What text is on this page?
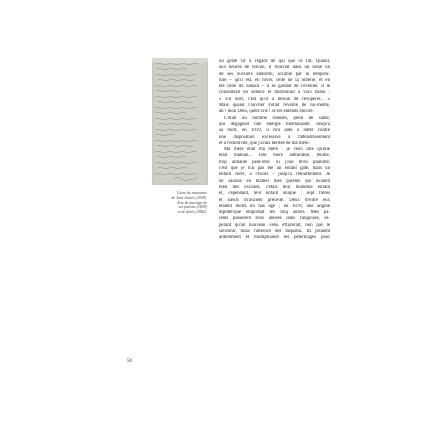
L'acte de naissance
de Jean Jaurès (1859).
Acte de mariage de
ses parents (1849)
et de décès (1882).
un geste vif à l'égard de qui que ce fût. Quand,
aux heures de travail, il trouvait dans un fossé un
de ses ouvriers endormi, accablé par la tempéra-
ture – qu'il est, en hiver, celle de la Sibérie, et en
été celle du Sahara – il se gardait de l'éveiller. Il le
considérait en silence et murmurait à voix basse :
« S'il dort, c'est qu'il a besoin de récupérer... »
Mais quand l'ouvrier s'était réveillé de lui-même,
ah ! mon Dieu, quels cris ! Je les entends encore.
C'était un homme robuste, plein de santé,
qui dégageait une énergie bienfaisante. Jusqu'à
sa mort, en 1919, il m'a aidé à lutter contre
une disposition excessive à l'attendrissement
et à l'émotivité, que j'avais héritée de ma mère.
Ma mère était ma mère : je veux dire qu'elle
était maman... Une mère admirable, tendre,
trop aimante peut-être. Si j'ose m'en plaindre,
c'est que je n'ai pas été un enfant gâté, mais un
enfant chéri, à l'excès – jusqu'à l'étouffement. Je
ne saurais en blâmer mes parents qui avaient
bien des excuses. J'étais leur huitième enfant
et, cependant, leur enfant unique : sept frères
et sœurs m'avaient précédé. Deux d'entre eux
étaient morts en bas âge ; en 1878, une angine
diphtérique emportait les cinq autres. Mes pa-
rents passèrent trois années dans l'angoisse, es-
pérant qu'un nouveau venu effacerait, non pas le
souvenir, mais l'absence des disparus. Ils priaient
ardemment et multipliaient les pèlerinages pour
50
